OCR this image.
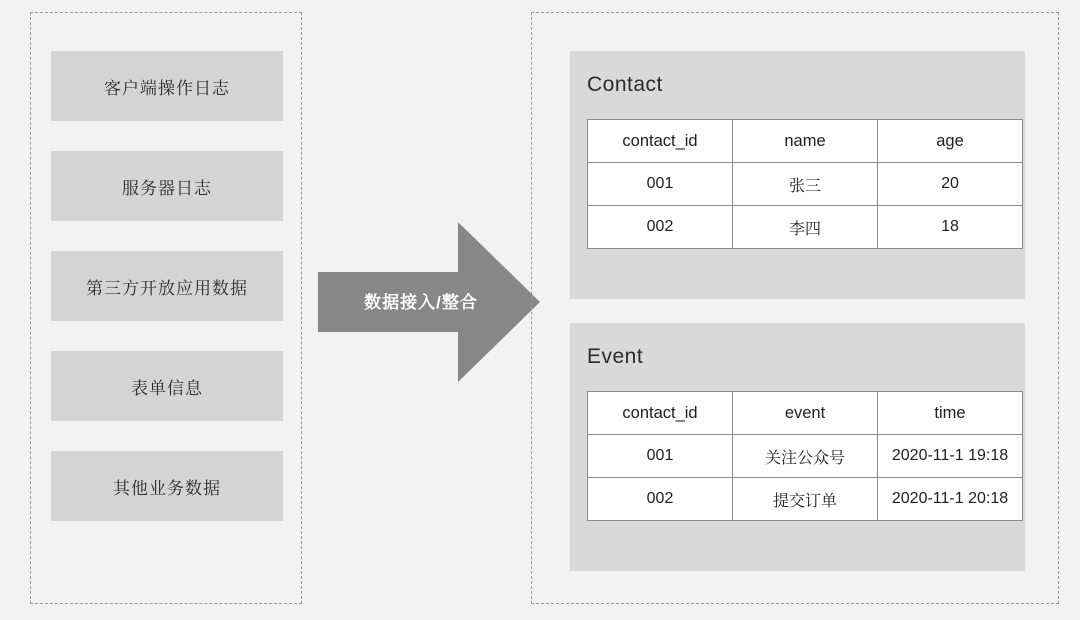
客户端操作日志
服务器日志
第三方开放应用数据
表单信息
其他业务数据
数据接入/整合
Contact
contact_id	name	age
001	张三	20
002	李四	18
Event
contact_id	event	time
001	关注公众号	2020-11-1 19:18
002	提交订单	2020-11-1 20:18
